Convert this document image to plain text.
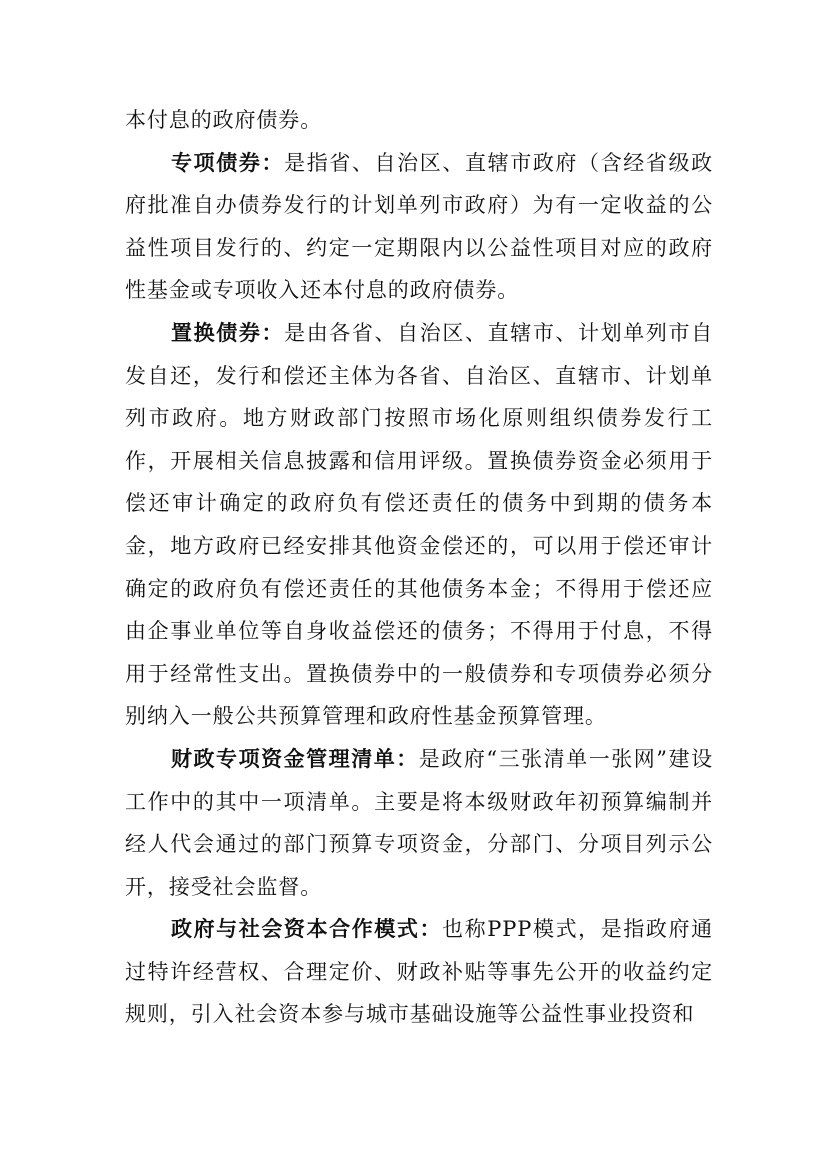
本付息的政府债券。

专项债券：是指省、自治区、直辖市政府（含经省级政府批准自办债券发行的计划单列市政府）为有一定收益的公益性项目发行的、约定一定期限内以公益性项目对应的政府性基金或专项收入还本付息的政府债券。

置换债券：是由各省、自治区、直辖市、计划单列市自发自还，发行和偿还主体为各省、自治区、直辖市、计划单列市政府。地方财政部门按照市场化原则组织债券发行工作，开展相关信息披露和信用评级。置换债券资金必须用于偿还审计确定的政府负有偿还责任的债务中到期的债务本金，地方政府已经安排其他资金偿还的，可以用于偿还审计确定的政府负有偿还责任的其他债务本金；不得用于偿还应由企事业单位等自身收益偿还的债务；不得用于付息，不得用于经常性支出。置换债券中的一般债券和专项债券必须分别纳入一般公共预算管理和政府性基金预算管理。

财政专项资金管理清单：是政府“三张清单一张网”建设工作中的其中一项清单。主要是将本级财政年初预算编制并经人代会通过的部门预算专项资金，分部门、分项目列示公开，接受社会监督。

政府与社会资本合作模式：也称PPP模式，是指政府通过特许经营权、合理定价、财政补贴等事先公开的收益约定规则，引入社会资本参与城市基础设施等公益性事业投资和
